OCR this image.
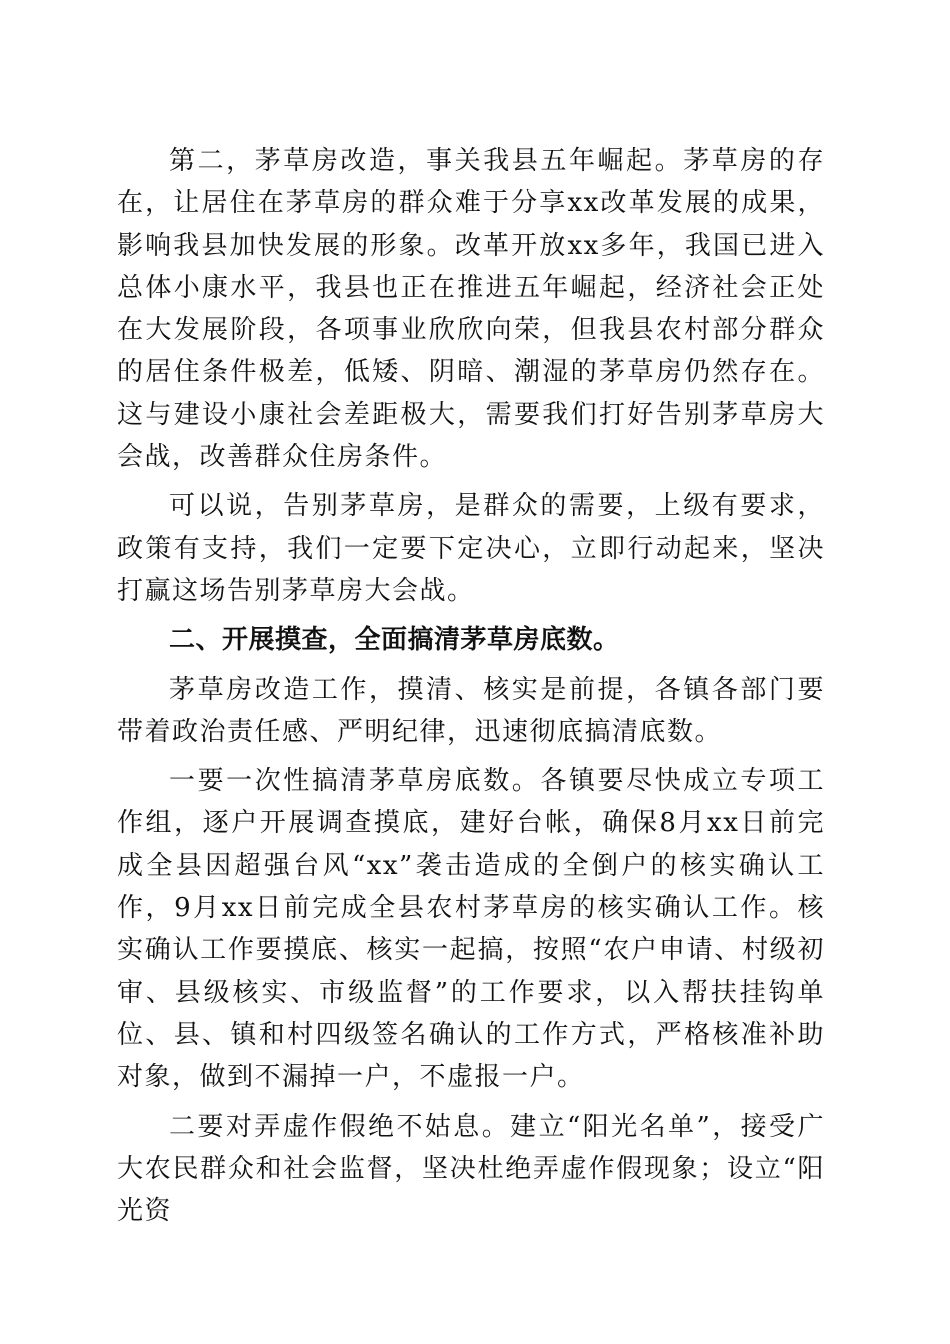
第二，茅草房改造，事关我县五年崛起。茅草房的存在，让居住在茅草房的群众难于分享xx改革发展的成果，影响我县加快发展的形象。改革开放xx多年，我国已进入总体小康水平，我县也正在推进五年崛起，经济社会正处在大发展阶段，各项事业欣欣向荣，但我县农村部分群众的居住条件极差，低矮、阴暗、潮湿的茅草房仍然存在。这与建设小康社会差距极大，需要我们打好告别茅草房大会战，改善群众住房条件。

可以说，告别茅草房，是群众的需要，上级有要求，政策有支持，我们一定要下定决心，立即行动起来，坚决打赢这场告别茅草房大会战。

二、开展摸查，全面搞清茅草房底数。

茅草房改造工作，摸清、核实是前提，各镇各部门要带着政治责任感、严明纪律，迅速彻底搞清底数。

一要一次性搞清茅草房底数。各镇要尽快成立专项工作组，逐户开展调查摸底，建好台帐，确保8月xx日前完成全县因超强台风“xx”袭击造成的全倒户的核实确认工作，9月xx日前完成全县农村茅草房的核实确认工作。核实确认工作要摸底、核实一起搞，按照“农户申请、村级初审、县级核实、市级监督”的工作要求，以入帮扶挂钩单位、县、镇和村四级签名确认的工作方式，严格核准补助对象，做到不漏掉一户，不虚报一户。

二要对弄虚作假绝不姑息。建立“阳光名单”，接受广大农民群众和社会监督，坚决杜绝弄虚作假现象；设立“阳光资
